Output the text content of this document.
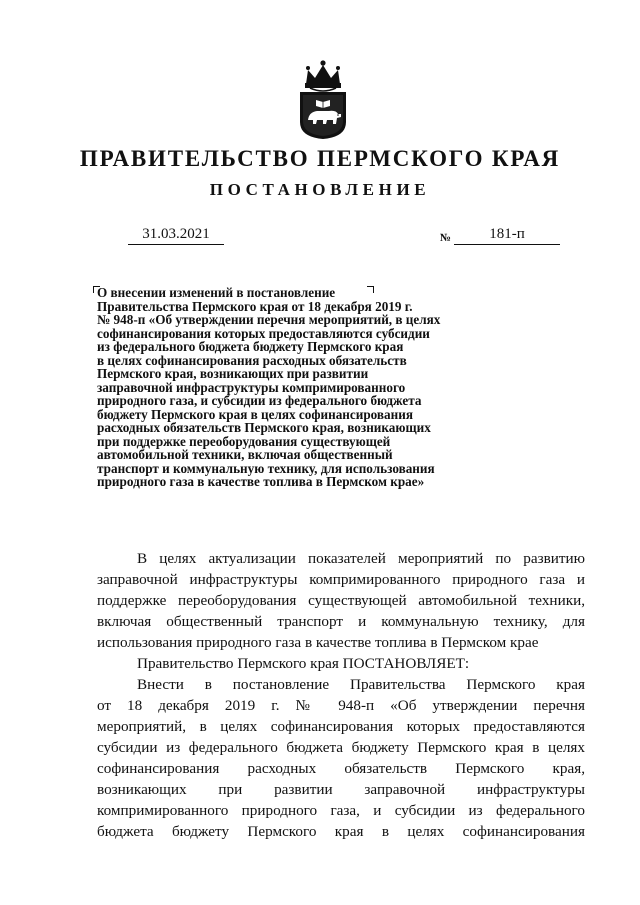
ПРАВИТЕЛЬСТВО ПЕРМСКОГО КРАЯ
ПОСТАНОВЛЕНИЕ
31.03.2021	№	181-п
О внесении изменений в постановление
Правительства Пермского края от 18 декабря 2019 г.
№ 948-п «Об утверждении перечня мероприятий, в целях
софинансирования которых предоставляются субсидии
из федерального бюджета бюджету Пермского края
в целях софинансирования расходных обязательств
Пермского края, возникающих при развитии
заправочной инфраструктуры компримированного
природного газа, и субсидии из федерального бюджета
бюджету Пермского края в целях софинансирования
расходных обязательств Пермского края, возникающих
при поддержке переоборудования существующей
автомобильной техники, включая общественный
транспорт и коммунальную технику, для использования
природного газа в качестве топлива в Пермском крае»
В целях актуализации показателей мероприятий по развитию заправочной инфраструктуры компримированного природного газа и поддержке переоборудования существующей автомобильной техники, включая общественный транспорт и коммунальную технику, для использования природного газа в качестве топлива в Пермском крае
Правительство Пермского края ПОСТАНОВЛЯЕТ:
Внести в постановление Правительства Пермского края
от 18 декабря 2019 г. № 948-п «Об утверждении перечня
мероприятий, в целях софинансирования которых предоставляются
субсидии из федерального бюджета бюджету Пермского края в целях
софинансирования расходных обязательств Пермского края,
возникающих при развитии заправочной инфраструктуры
компримированного природного газа, и субсидии из федерального
бюджета бюджету Пермского края в целях софинансирования
